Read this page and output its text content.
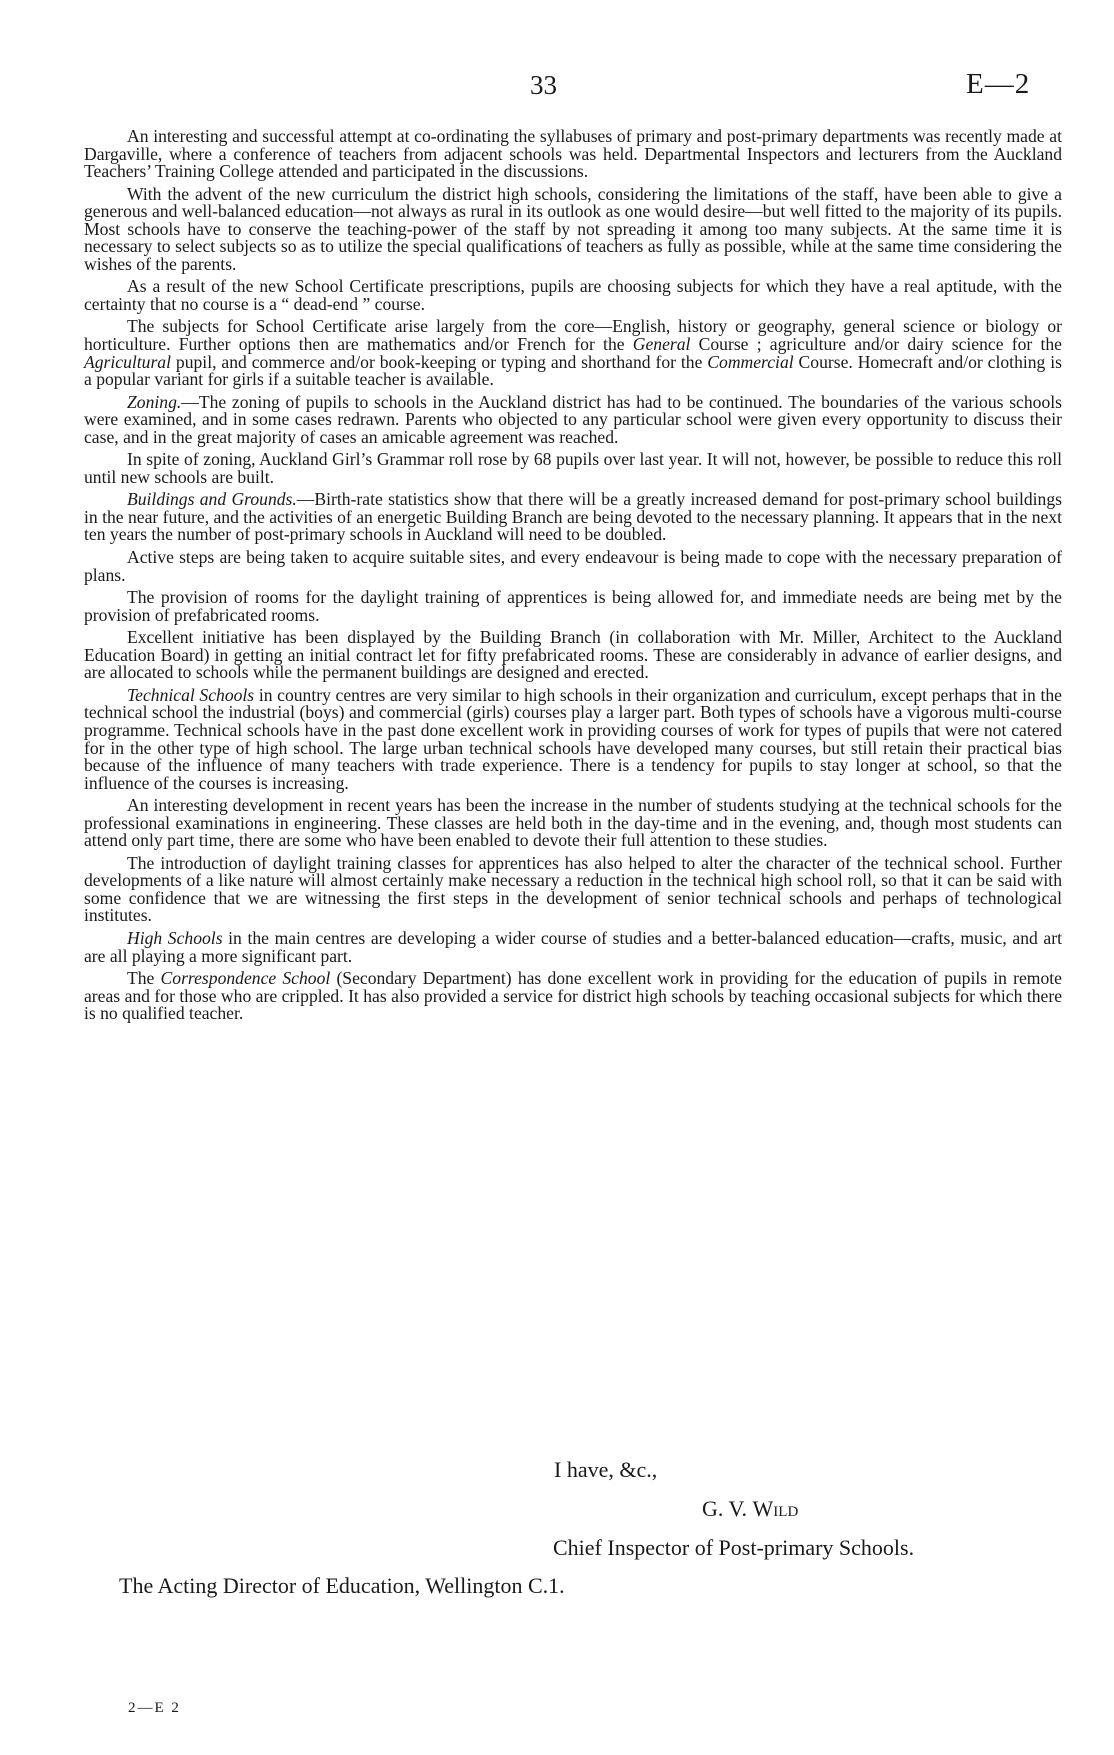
33	E—2

An interesting and successful attempt at co-ordinating the syllabuses of primary and post-primary departments was recently made at Dargaville, where a conference of teachers from adjacent schools was held. Departmental Inspectors and lecturers from the Auckland Teachers’ Training College attended and participated in the discussions.

With the advent of the new curriculum the district high schools, considering the limitations of the staff, have been able to give a generous and well-balanced education—not always as rural in its outlook as one would desire—but well fitted to the majority of its pupils. Most schools have to conserve the teaching-power of the staff by not spreading it among too many subjects. At the same time it is necessary to select subjects so as to utilize the special qualifications of teachers as fully as possible, while at the same time considering the wishes of the parents.

As a result of the new School Certificate prescriptions, pupils are choosing subjects for which they have a real aptitude, with the certainty that no course is a “ dead-end ” course.

The subjects for School Certificate arise largely from the core—English, history or geography, general science or biology or horticulture. Further options then are mathematics and/or French for the General Course ; agriculture and/or dairy science for the Agricultural pupil, and commerce and/or book-keeping or typing and shorthand for the Commercial Course. Homecraft and/or clothing is a popular variant for girls if a suitable teacher is available.

Zoning.—The zoning of pupils to schools in the Auckland district has had to be continued. The boundaries of the various schools were examined, and in some cases redrawn. Parents who objected to any particular school were given every opportunity to discuss their case, and in the great majority of cases an amicable agreement was reached.

In spite of zoning, Auckland Girl’s Grammar roll rose by 68 pupils over last year. It will not, however, be possible to reduce this roll until new schools are built.

Buildings and Grounds.—Birth-rate statistics show that there will be a greatly increased demand for post-primary school buildings in the near future, and the activities of an energetic Building Branch are being devoted to the necessary planning. It appears that in the next ten years the number of post-primary schools in Auckland will need to be doubled.

Active steps are being taken to acquire suitable sites, and every endeavour is being made to cope with the necessary preparation of plans.

The provision of rooms for the daylight training of apprentices is being allowed for, and immediate needs are being met by the provision of prefabricated rooms.

Excellent initiative has been displayed by the Building Branch (in collaboration with Mr. Miller, Architect to the Auckland Education Board) in getting an initial contract let for fifty prefabricated rooms. These are considerably in advance of earlier designs, and are allocated to schools while the permanent buildings are designed and erected.

Technical Schools in country centres are very similar to high schools in their organization and curriculum, except perhaps that in the technical school the industrial (boys) and commercial (girls) courses play a larger part. Both types of schools have a vigorous multi-course programme. Technical schools have in the past done excellent work in providing courses of work for types of pupils that were not catered for in the other type of high school. The large urban technical schools have developed many courses, but still retain their practical bias because of the influence of many teachers with trade experience. There is a tendency for pupils to stay longer at school, so that the influence of the courses is increasing.

An interesting development in recent years has been the increase in the number of students studying at the technical schools for the professional examinations in engineering. These classes are held both in the day-time and in the evening, and, though most students can attend only part time, there are some who have been enabled to devote their full attention to these studies.

The introduction of daylight training classes for apprentices has also helped to alter the character of the technical school. Further developments of a like nature will almost certainly make necessary a reduction in the technical high school roll, so that it can be said with some confidence that we are witnessing the first steps in the development of senior technical schools and perhaps of technological institutes.

High Schools in the main centres are developing a wider course of studies and a better-balanced education—crafts, music, and art are all playing a more significant part.

The Correspondence School (Secondary Department) has done excellent work in providing for the education of pupils in remote areas and for those who are crippled. It has also provided a service for district high schools by teaching occasional subjects for which there is no qualified teacher.

I have, &c.,
G. V. Wild
Chief Inspector of Post-primary Schools.
The Acting Director of Education, Wellington C.1.
2—E 2
